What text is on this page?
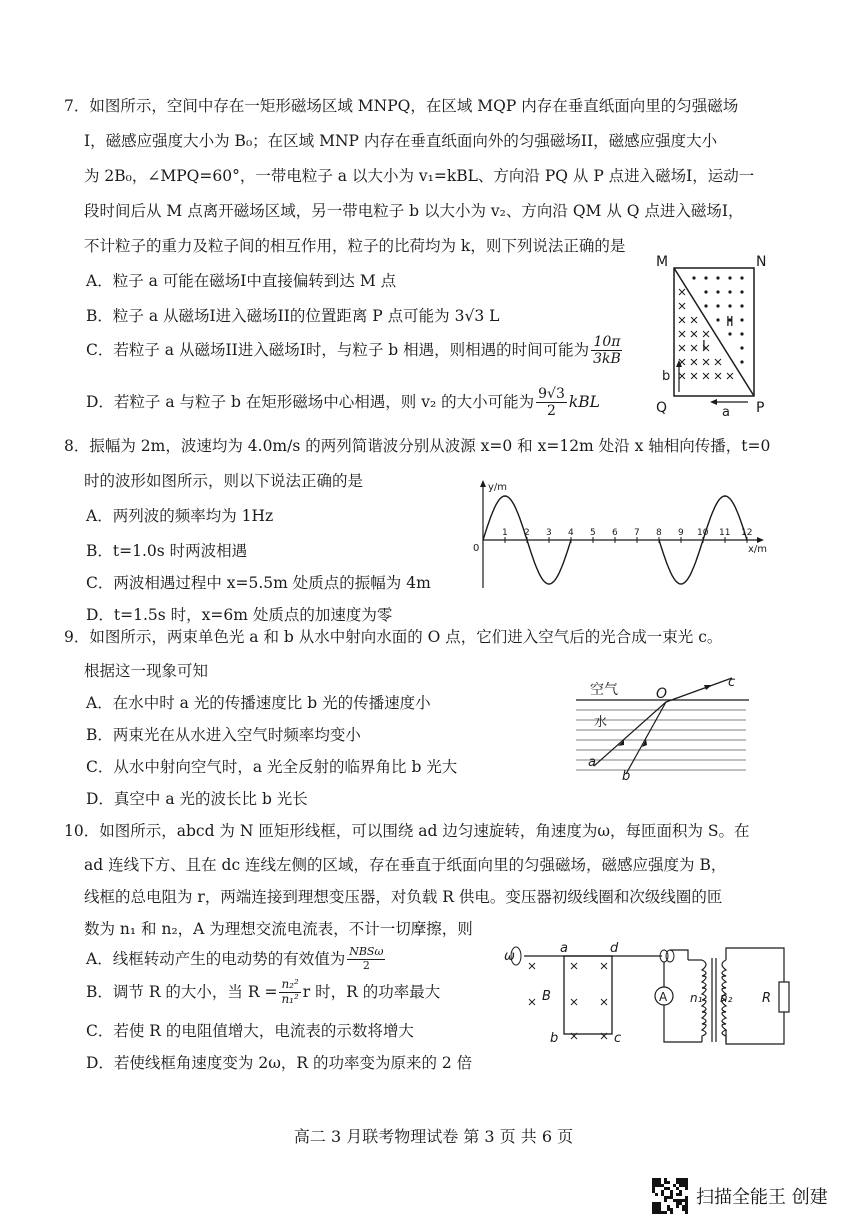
7．如图所示，空间中存在一矩形磁场区域 MNPQ，在区域 MQP 内存在垂直纸面向里的匀强磁场
I，磁感应强度大小为 B₀；在区域 MNP 内存在垂直纸面向外的匀强磁场II，磁感应强度大小
为 2B₀，∠MPQ=60°，一带电粒子 a 以大小为 v₁=kBL、方向沿 PQ 从 P 点进入磁场I，运动一
段时间后从 M 点离开磁场区域，另一带电粒子 b 以大小为 v₂、方向沿 QM 从 Q 点进入磁场I，
不计粒子的重力及粒子间的相互作用，粒子的比荷均为 k，则下列说法正确的是
A．粒子 a 可能在磁场I中直接偏转到达 M 点
B．粒子 a 从磁场I进入磁场II的位置距离 P 点可能为 3√3 L
C．若粒子 a 从磁场II进入磁场I时，与粒子 b 相遇，则相遇的时间可能为 $\frac{10\pi}{3kB}$
D．若粒子 a 与粒子 b 在矩形磁场中心相遇，则 v₂ 的大小可能为 $\frac{9√3}{2}$ kBL
M	N
Q	P
II
I
b
a
8．振幅为 2m，波速均为 4.0m/s 的两列简谐波分别从波源 x=0 和 x=12m 处沿 x 轴相向传播，t=0
时的波形如图所示，则以下说法正确的是
A．两列波的频率均为 1Hz
B．t=1.0s 时两波相遇
C．两波相遇过程中 x=5.5m 处质点的振幅为 4m
D．t=1.5s 时，x=6m 处质点的加速度为零
y/m
x/m
0
1 2 3 4 5 6 7 8 9 10 11 12
9．如图所示，两束单色光 a 和 b 从水中射向水面的 O 点，它们进入空气后的光合成一束光 c。
根据这一现象可知
A．在水中时 a 光的传播速度比 b 光的传播速度小
B．两束光在从水进入空气时频率均变小
C．从水中射向空气时，a 光全反射的临界角比 b 光大
D．真空中 a 光的波长比 b 光长
空气
水
O
a
b
c
10．如图所示，abcd 为 N 匝矩形线框，可以围绕 ad 边匀速旋转，角速度为ω，每匝面积为 S。在
ad 连线下方、且在 dc 连线左侧的区域，存在垂直于纸面向里的匀强磁场，磁感应强度为 B，
线框的总电阻为 r，两端连接到理想变压器，对负载 R 供电。变压器初级线圈和次级线圈的匝
数为 n₁ 和 n₂，A 为理想交流电流表，不计一切摩擦，则
A．线框转动产生的电动势的有效值为 $\frac{\text{NBSω}}{2}$
B．调节 R 的大小，当 $R = \frac{\text{n₂²}}{\text{n₁²}}$ r 时，R 的功率最大
C．若使 R 的电阻值增大，电流表的示数将增大
D．若使线框角速度变为 2ω，R 的功率变为原来的 2 倍
ω
a	d
b	c
B	A n₁ n₂ R
高二 3 月联考物理试卷 第 3 页 共 6 页
扫描全能王 创建
